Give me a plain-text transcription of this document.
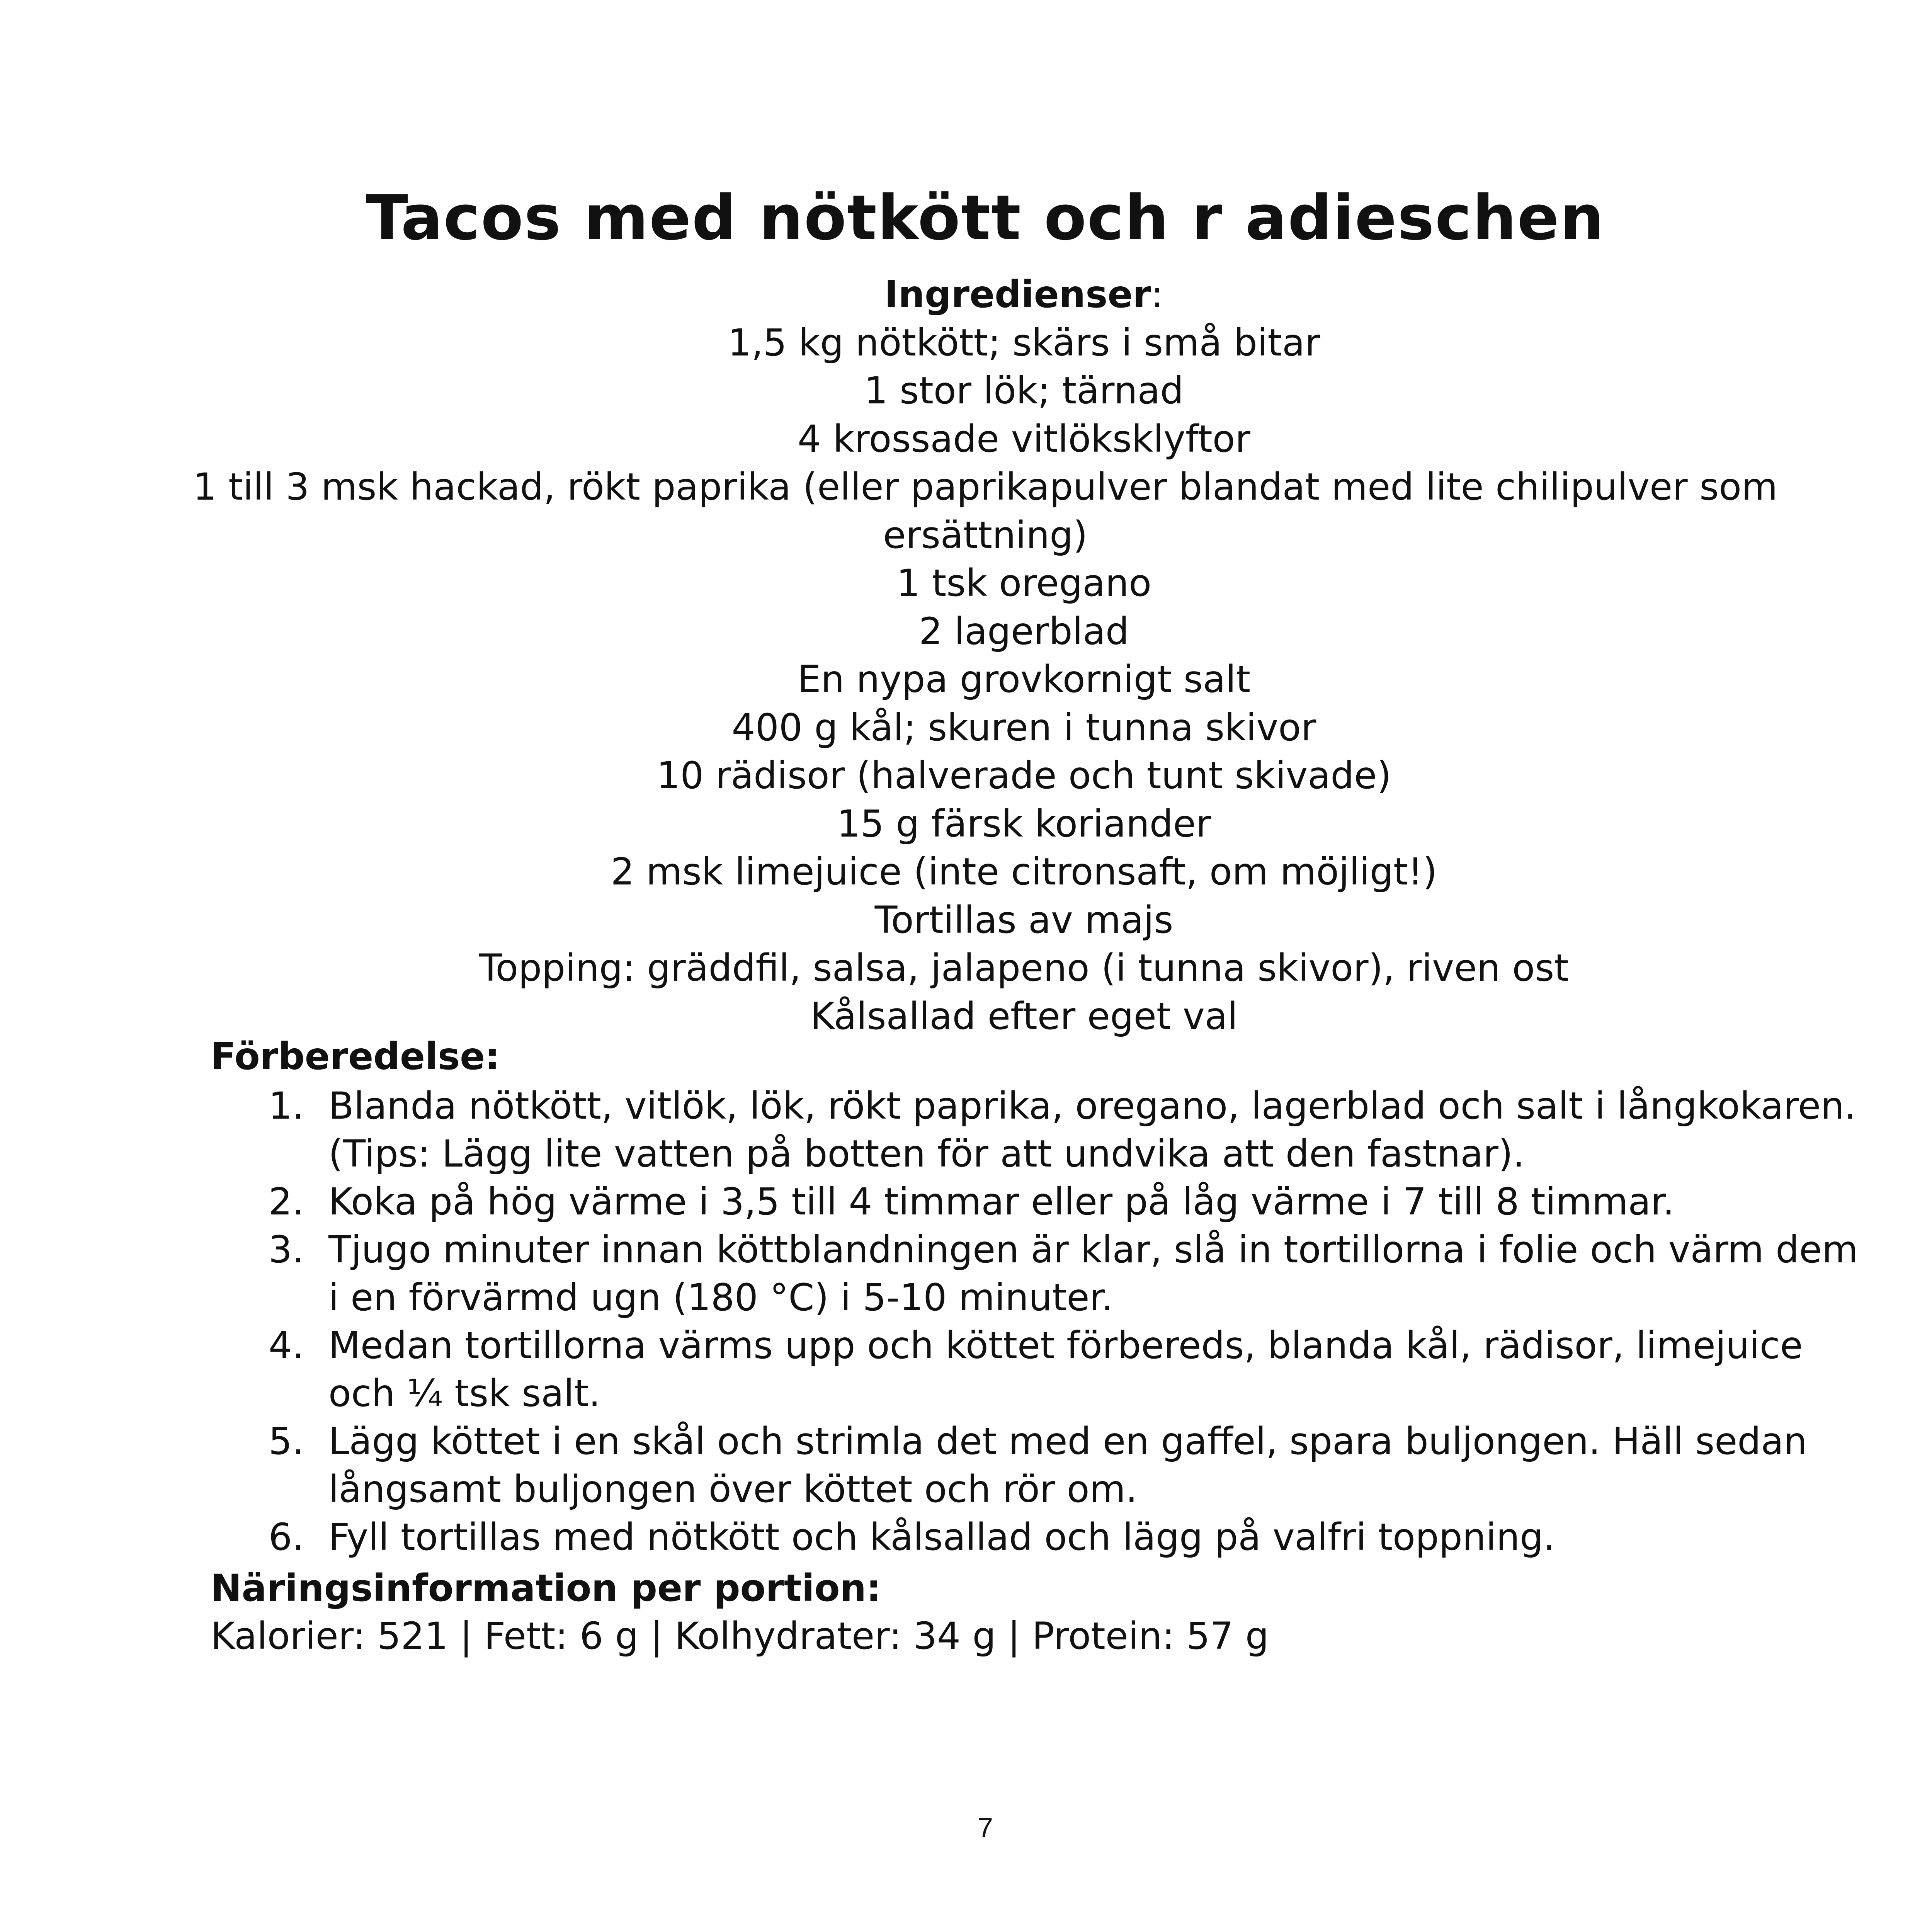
Tacos med nötkött och r adieschen
Ingredienser:
1,5 kg nötkött; skärs i små bitar
1 stor lök; tärnad
4 krossade vitlöksklyftor
1 till 3 msk hackad, rökt paprika (eller paprikapulver blandat med lite chilipulver som ersättning)
1 tsk oregano
2 lagerblad
En nypa grovkornigt salt
400 g kål; skuren i tunna skivor
10 rädisor (halverade och tunt skivade)
15 g färsk koriander
2 msk limejuice (inte citronsaft, om möjligt!)
Tortillas av majs
Topping: gräddfil, salsa, jalapeno (i tunna skivor), riven ost
Kålsallad efter eget val
Förberedelse:
1. Blanda nötkött, vitlök, lök, rökt paprika, oregano, lagerblad och salt i långkokaren. (Tips: Lägg lite vatten på botten för att undvika att den fastnar).
2. Koka på hög värme i 3,5 till 4 timmar eller på låg värme i 7 till 8 timmar.
3. Tjugo minuter innan köttblandningen är klar, slå in tortillorna i folie och värm dem i en förvärmd ugn (180 °C) i 5-10 minuter.
4. Medan tortillorna värms upp och köttet förbereds, blanda kål, rädisor, limejuice och ¼ tsk salt.
5. Lägg köttet i en skål och strimla det med en gaffel, spara buljongen. Häll sedan långsamt buljongen över köttet och rör om.
6. Fyll tortillas med nötkött och kålsallad och lägg på valfri toppning.
Näringsinformation per portion:
Kalorier: 521 | Fett: 6 g | Kolhydrater: 34 g | Protein: 57 g
7
